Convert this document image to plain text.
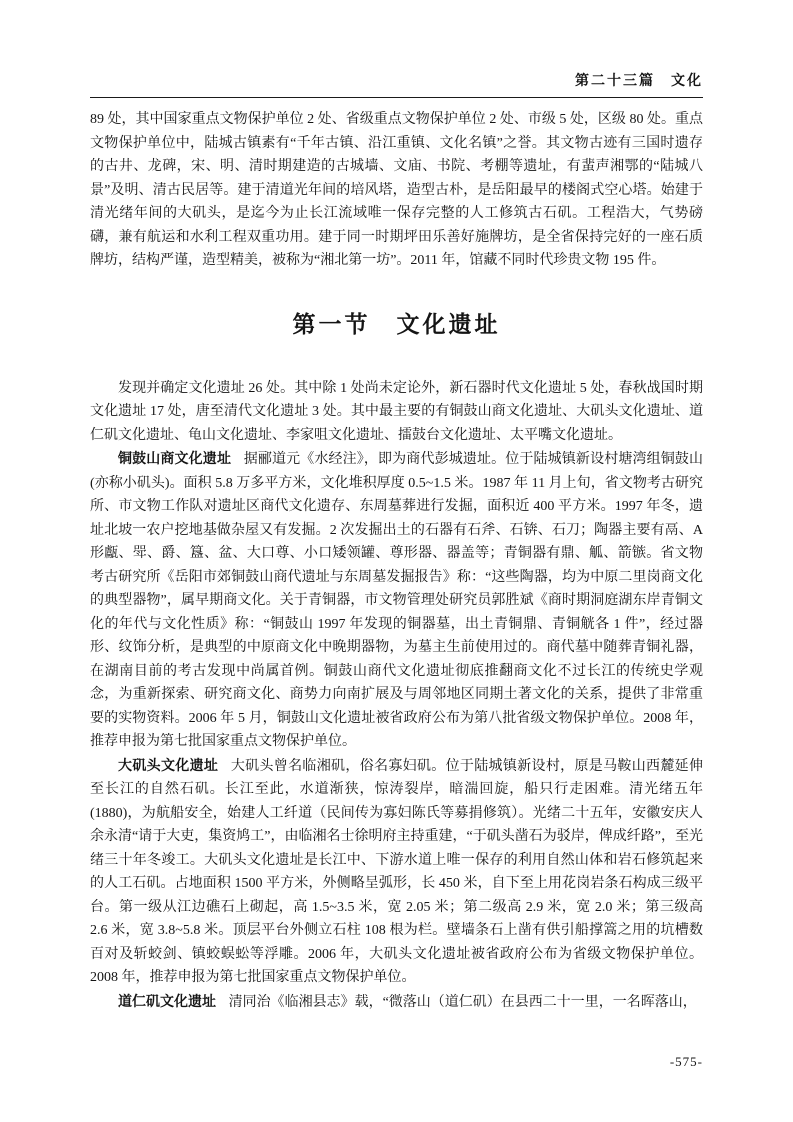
第二十三篇　文化

89 处，其中国家重点文物保护单位 2 处、省级重点文物保护单位 2 处、市级 5 处，区级 80 处。重点文物保护单位中，陆城古镇素有“千年古镇、沿江重镇、文化名镇”之誉。其文物古迹有三国时遗存的古井、龙碑，宋、明、清时期建造的古城墙、文庙、书院、考棚等遗址，有蜚声湘鄂的“陆城八景”及明、清古民居等。建于清道光年间的培风塔，造型古朴，是岳阳最早的楼阁式空心塔。始建于清光绪年间的大矶头，是迄今为止长江流域唯一保存完整的人工修筑古石矶。工程浩大，气势磅礴，兼有航运和水利工程双重功用。建于同一时期坪田乐善好施牌坊，是全省保持完好的一座石质牌坊，结构严谨，造型精美，被称为“湘北第一坊”。2011 年，馆藏不同时代珍贵文物 195 件。

第一节　文化遗址

发现并确定文化遗址 26 处。其中除 1 处尚未定论外，新石器时代文化遗址 5 处，春秋战国时期文化遗址 17 处，唐至清代文化遗址 3 处。其中最主要的有铜鼓山商文化遗址、大矶头文化遗址、道仁矶文化遗址、龟山文化遗址、李家咀文化遗址、擂鼓台文化遗址、太平嘴文化遗址。

铜鼓山商文化遗址 据郦道元《水经注》，即为商代彭城遗址。位于陆城镇新设村塘湾组铜鼓山(亦称小矶头)。面积 5.8 万多平方米，文化堆积厚度 0.5~1.5 米。1987 年 11 月上旬，省文物考古研究所、市文物工作队对遗址区商代文化遗存、东周墓葬进行发掘，面积近 400 平方米。1997 年冬，遗址北坡一农户挖地基做杂屋又有发掘。2 次发掘出土的石器有石斧、石锛、石刀；陶器主要有鬲、A 形甗、斝、爵、簋、盆、大口尊、小口矮领罐、尊形器、器盖等；青铜器有鼎、觚、箭镞。省文物考古研究所《岳阳市郊铜鼓山商代遗址与东周墓发掘报告》称：“这些陶器，均为中原二里岗商文化的典型器物”，属早期商文化。关于青铜器，市文物管理处研究员郭胜斌《商时期洞庭湖东岸青铜文化的年代与文化性质》称：“铜鼓山 1997 年发现的铜器墓，出土青铜鼎、青铜觥各 1 件”，经过器形、纹饰分析，是典型的中原商文化中晚期器物，为墓主生前使用过的。商代墓中随葬青铜礼器，在湖南目前的考古发现中尚属首例。铜鼓山商代文化遗址彻底推翻商文化不过长江的传统史学观念，为重新探索、研究商文化、商势力向南扩展及与周邻地区同期土著文化的关系，提供了非常重要的实物资料。2006 年 5 月，铜鼓山文化遗址被省政府公布为第八批省级文物保护单位。2008 年，推荐申报为第七批国家重点文物保护单位。

大矶头文化遗址 大矶头曾名临湘矶，俗名寡妇矶。位于陆城镇新设村，原是马鞍山西麓延伸至长江的自然石矶。长江至此，水道渐狭，惊涛裂岸，暗湍回旋，船只行走困难。清光绪五年 (1880)，为航船安全，始建人工纤道（民间传为寡妇陈氏等募捐修筑）。光绪二十五年，安徽安庆人余永清“请于大吏，集资鸠工”，由临湘名士徐明府主持重建，“于矶头凿石为驳岸，俾成纤路”，至光绪三十年冬竣工。大矶头文化遗址是长江中、下游水道上唯一保存的利用自然山体和岩石修筑起来的人工石矶。占地面积 1500 平方米，外侧略呈弧形，长 450 米，自下至上用花岗岩条石构成三级平台。第一级从江边礁石上砌起，高 1.5~3.5 米，宽 2.05 米；第二级高 2.9 米，宽 2.0 米；第三级高 2.6 米，宽 3.8~5.8 米。顶层平台外侧立石柱 108 根为栏。壁墙条石上凿有供引船撑篙之用的坑槽数百对及斩蛟剑、镇蛟蜈蚣等浮雕。2006 年，大矶头文化遗址被省政府公布为省级文物保护单位。2008 年，推荐申报为第七批国家重点文物保护单位。

道仁矶文化遗址 清同治《临湘县志》载，“微落山（道仁矶）在县西二十一里，一名晖落山，

-575-
